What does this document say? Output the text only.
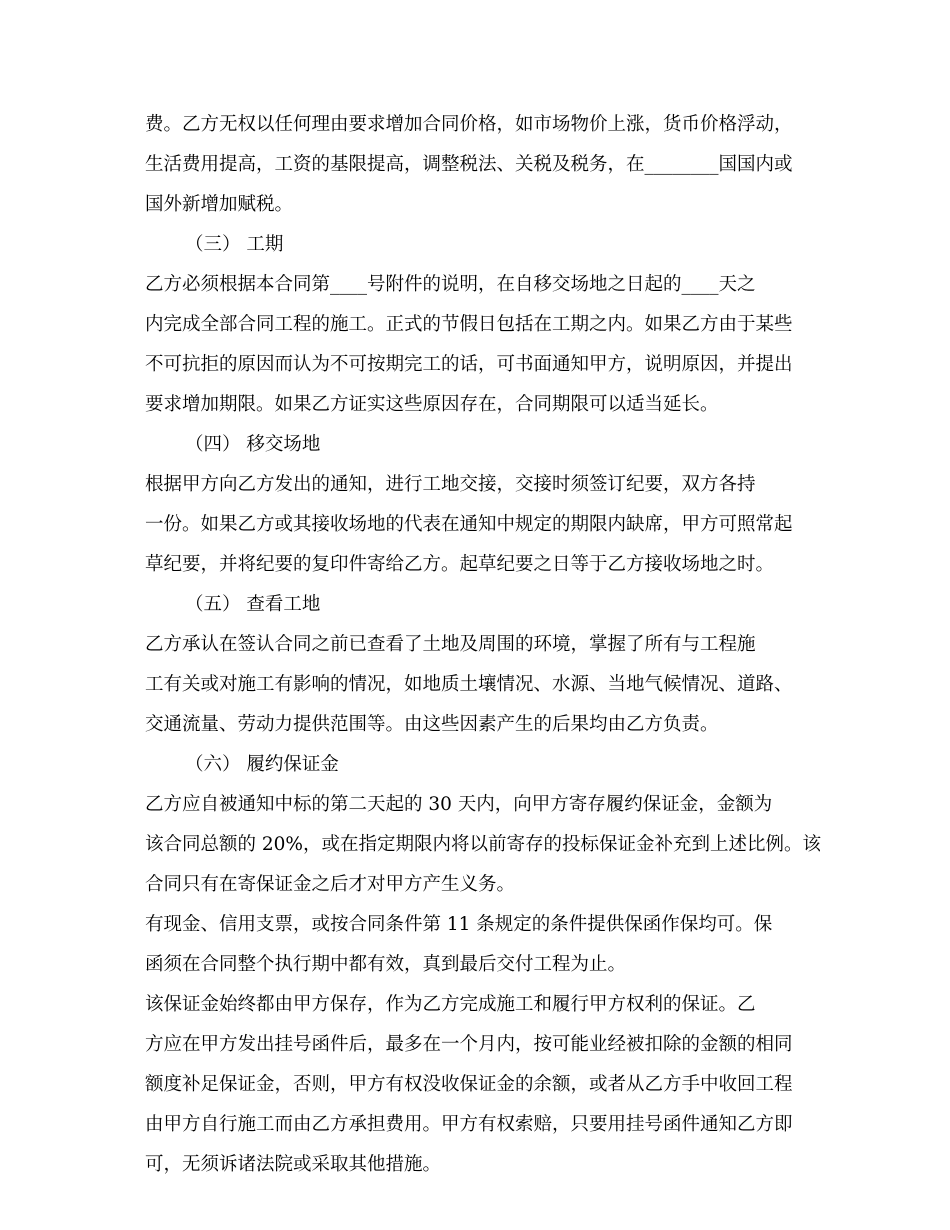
费。乙方无权以任何理由要求增加合同价格，如市场物价上涨，货币价格浮动，

生活费用提高，工资的基限提高，调整税法、关税及税务，在________国国内或

国外新增加赋税。

（三） 工期

乙方必须根据本合同第____号附件的说明，在自移交场地之日起的____天之

内完成全部合同工程的施工。正式的节假日包括在工期之内。如果乙方由于某些

不可抗拒的原因而认为不可按期完工的话，可书面通知甲方，说明原因，并提出

要求增加期限。如果乙方证实这些原因存在，合同期限可以适当延长。

（四） 移交场地

根据甲方向乙方发出的通知，进行工地交接，交接时须签订纪要，双方各持

一份。如果乙方或其接收场地的代表在通知中规定的期限内缺席，甲方可照常起

草纪要，并将纪要的复印件寄给乙方。起草纪要之日等于乙方接收场地之时。

（五） 查看工地

乙方承认在签认合同之前已查看了土地及周围的环境，掌握了所有与工程施

工有关或对施工有影响的情况，如地质土壤情况、水源、当地气候情况、道路、

交通流量、劳动力提供范围等。由这些因素产生的后果均由乙方负责。

（六） 履约保证金

乙方应自被通知中标的第二天起的 30 天内，向甲方寄存履约保证金，金额为

该合同总额的 20%，或在指定期限内将以前寄存的投标保证金补充到上述比例。该

合同只有在寄保证金之后才对甲方产生义务。

有现金、信用支票，或按合同条件第 11 条规定的条件提供保函作保均可。保

函须在合同整个执行期中都有效，真到最后交付工程为止。

该保证金始终都由甲方保存，作为乙方完成施工和履行甲方权利的保证。乙

方应在甲方发出挂号函件后，最多在一个月内，按可能业经被扣除的金额的相同

额度补足保证金，否则，甲方有权没收保证金的余额，或者从乙方手中收回工程

由甲方自行施工而由乙方承担费用。甲方有权索赔，只要用挂号函件通知乙方即

可，无须诉诸法院或采取其他措施。
